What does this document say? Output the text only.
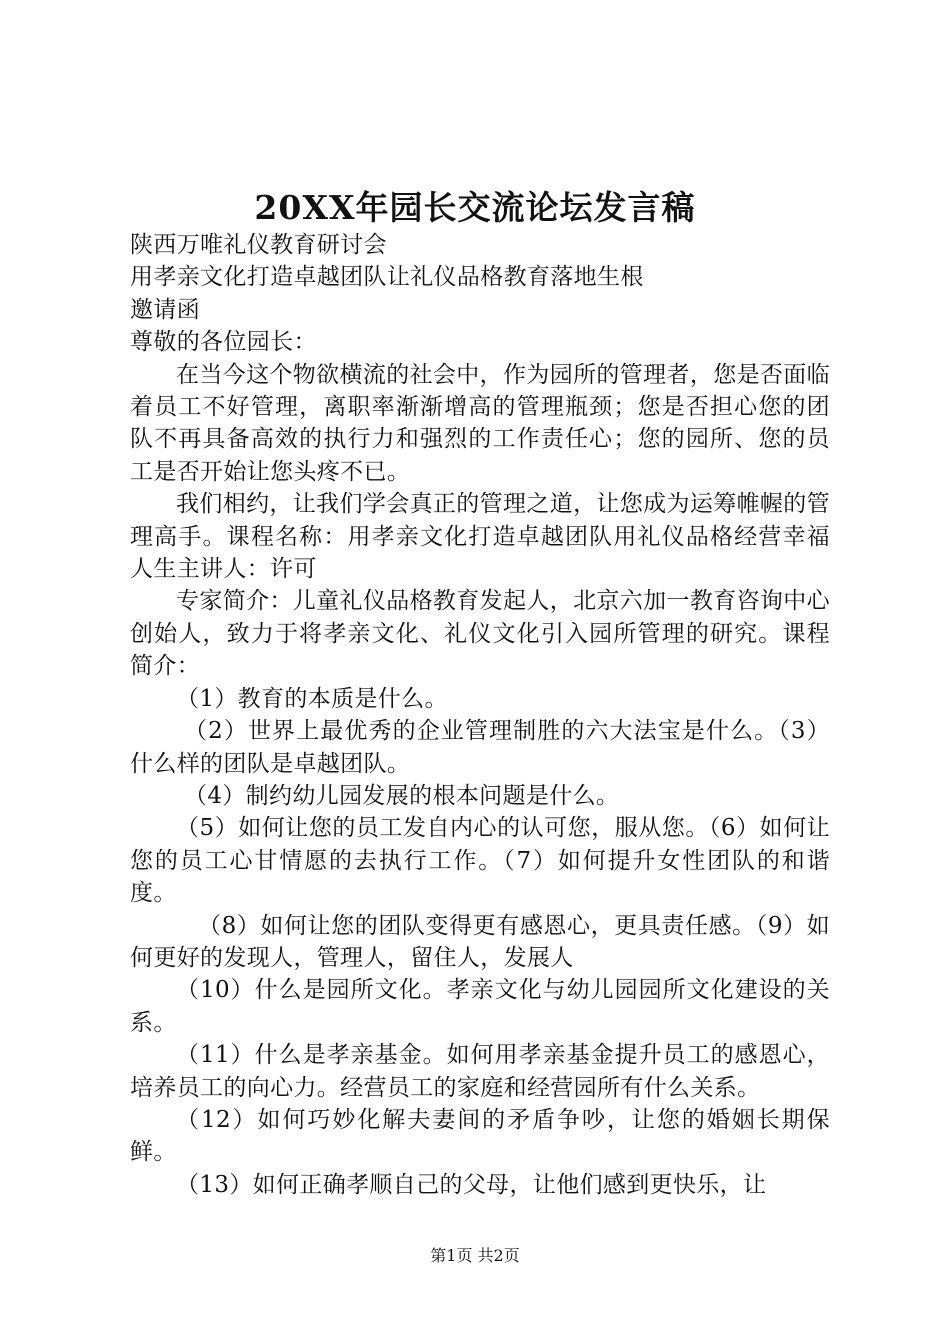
20XX年园长交流论坛发言稿

陕西万唯礼仪教育研讨会

用孝亲文化打造卓越团队让礼仪品格教育落地生根

邀请函

尊敬的各位园长：

在当今这个物欲横流的社会中，作为园所的管理者，您是否面临着员工不好管理，离职率渐渐增高的管理瓶颈；您是否担心您的团队不再具备高效的执行力和强烈的工作责任心；您的园所、您的员工是否开始让您头疼不已。

我们相约，让我们学会真正的管理之道，让您成为运筹帷幄的管理高手。课程名称：用孝亲文化打造卓越团队用礼仪品格经营幸福人生主讲人：许可

专家简介：儿童礼仪品格教育发起人，北京六加一教育咨询中心创始人，致力于将孝亲文化、礼仪文化引入园所管理的研究。课程简介：

（1）教育的本质是什么。

（2）世界上最优秀的企业管理制胜的六大法宝是什么。（3）什么样的团队是卓越团队。

（4）制约幼儿园发展的根本问题是什么。

（5）如何让您的员工发自内心的认可您，服从您。（6）如何让您的员工心甘情愿的去执行工作。（7）如何提升女性团队的和谐度。

（8）如何让您的团队变得更有感恩心，更具责任感。（9）如何更好的发现人，管理人，留住人，发展人

（10）什么是园所文化。孝亲文化与幼儿园园所文化建设的关系。

（11）什么是孝亲基金。如何用孝亲基金提升员工的感恩心，培养员工的向心力。经营员工的家庭和经营园所有什么关系。

（12）如何巧妙化解夫妻间的矛盾争吵，让您的婚姻长期保鲜。

（13）如何正确孝顺自己的父母，让他们感到更快乐，让

第1页 共2页
